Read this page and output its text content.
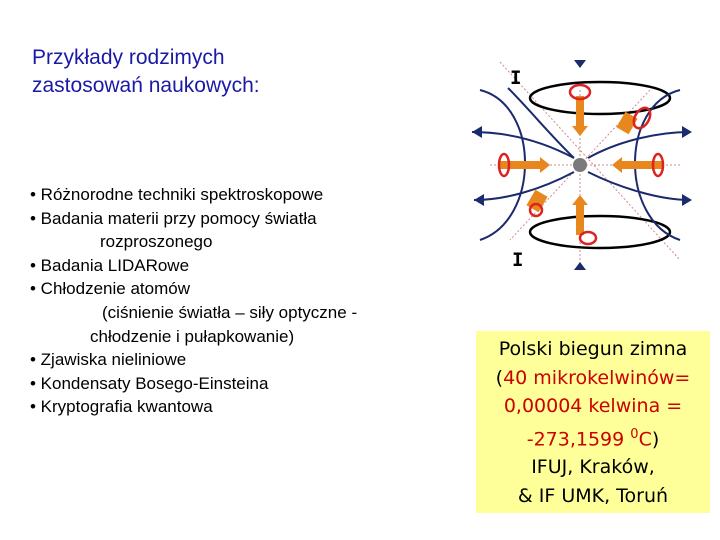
Przykłady rodzimych
zastosowań naukowych:
• Różnorodne techniki spektroskopowe
• Badania materii przy pomocy światła
rozproszonego
• Badania LIDARowe
• Chłodzenie atomów
(ciśnienie światła – siły optyczne -
chłodzenie i pułapkowanie)
• Zjawiska nieliniowe
• Kondensaty Bosego-Einsteina
• Kryptografia kwantowa
I
I
Polski biegun zimna
(40 mikrokelwinów=
0,00004 kelwina =
-273,1599 $^0$C)
IFUJ, Kraków,
& IF UMK, Toruń
